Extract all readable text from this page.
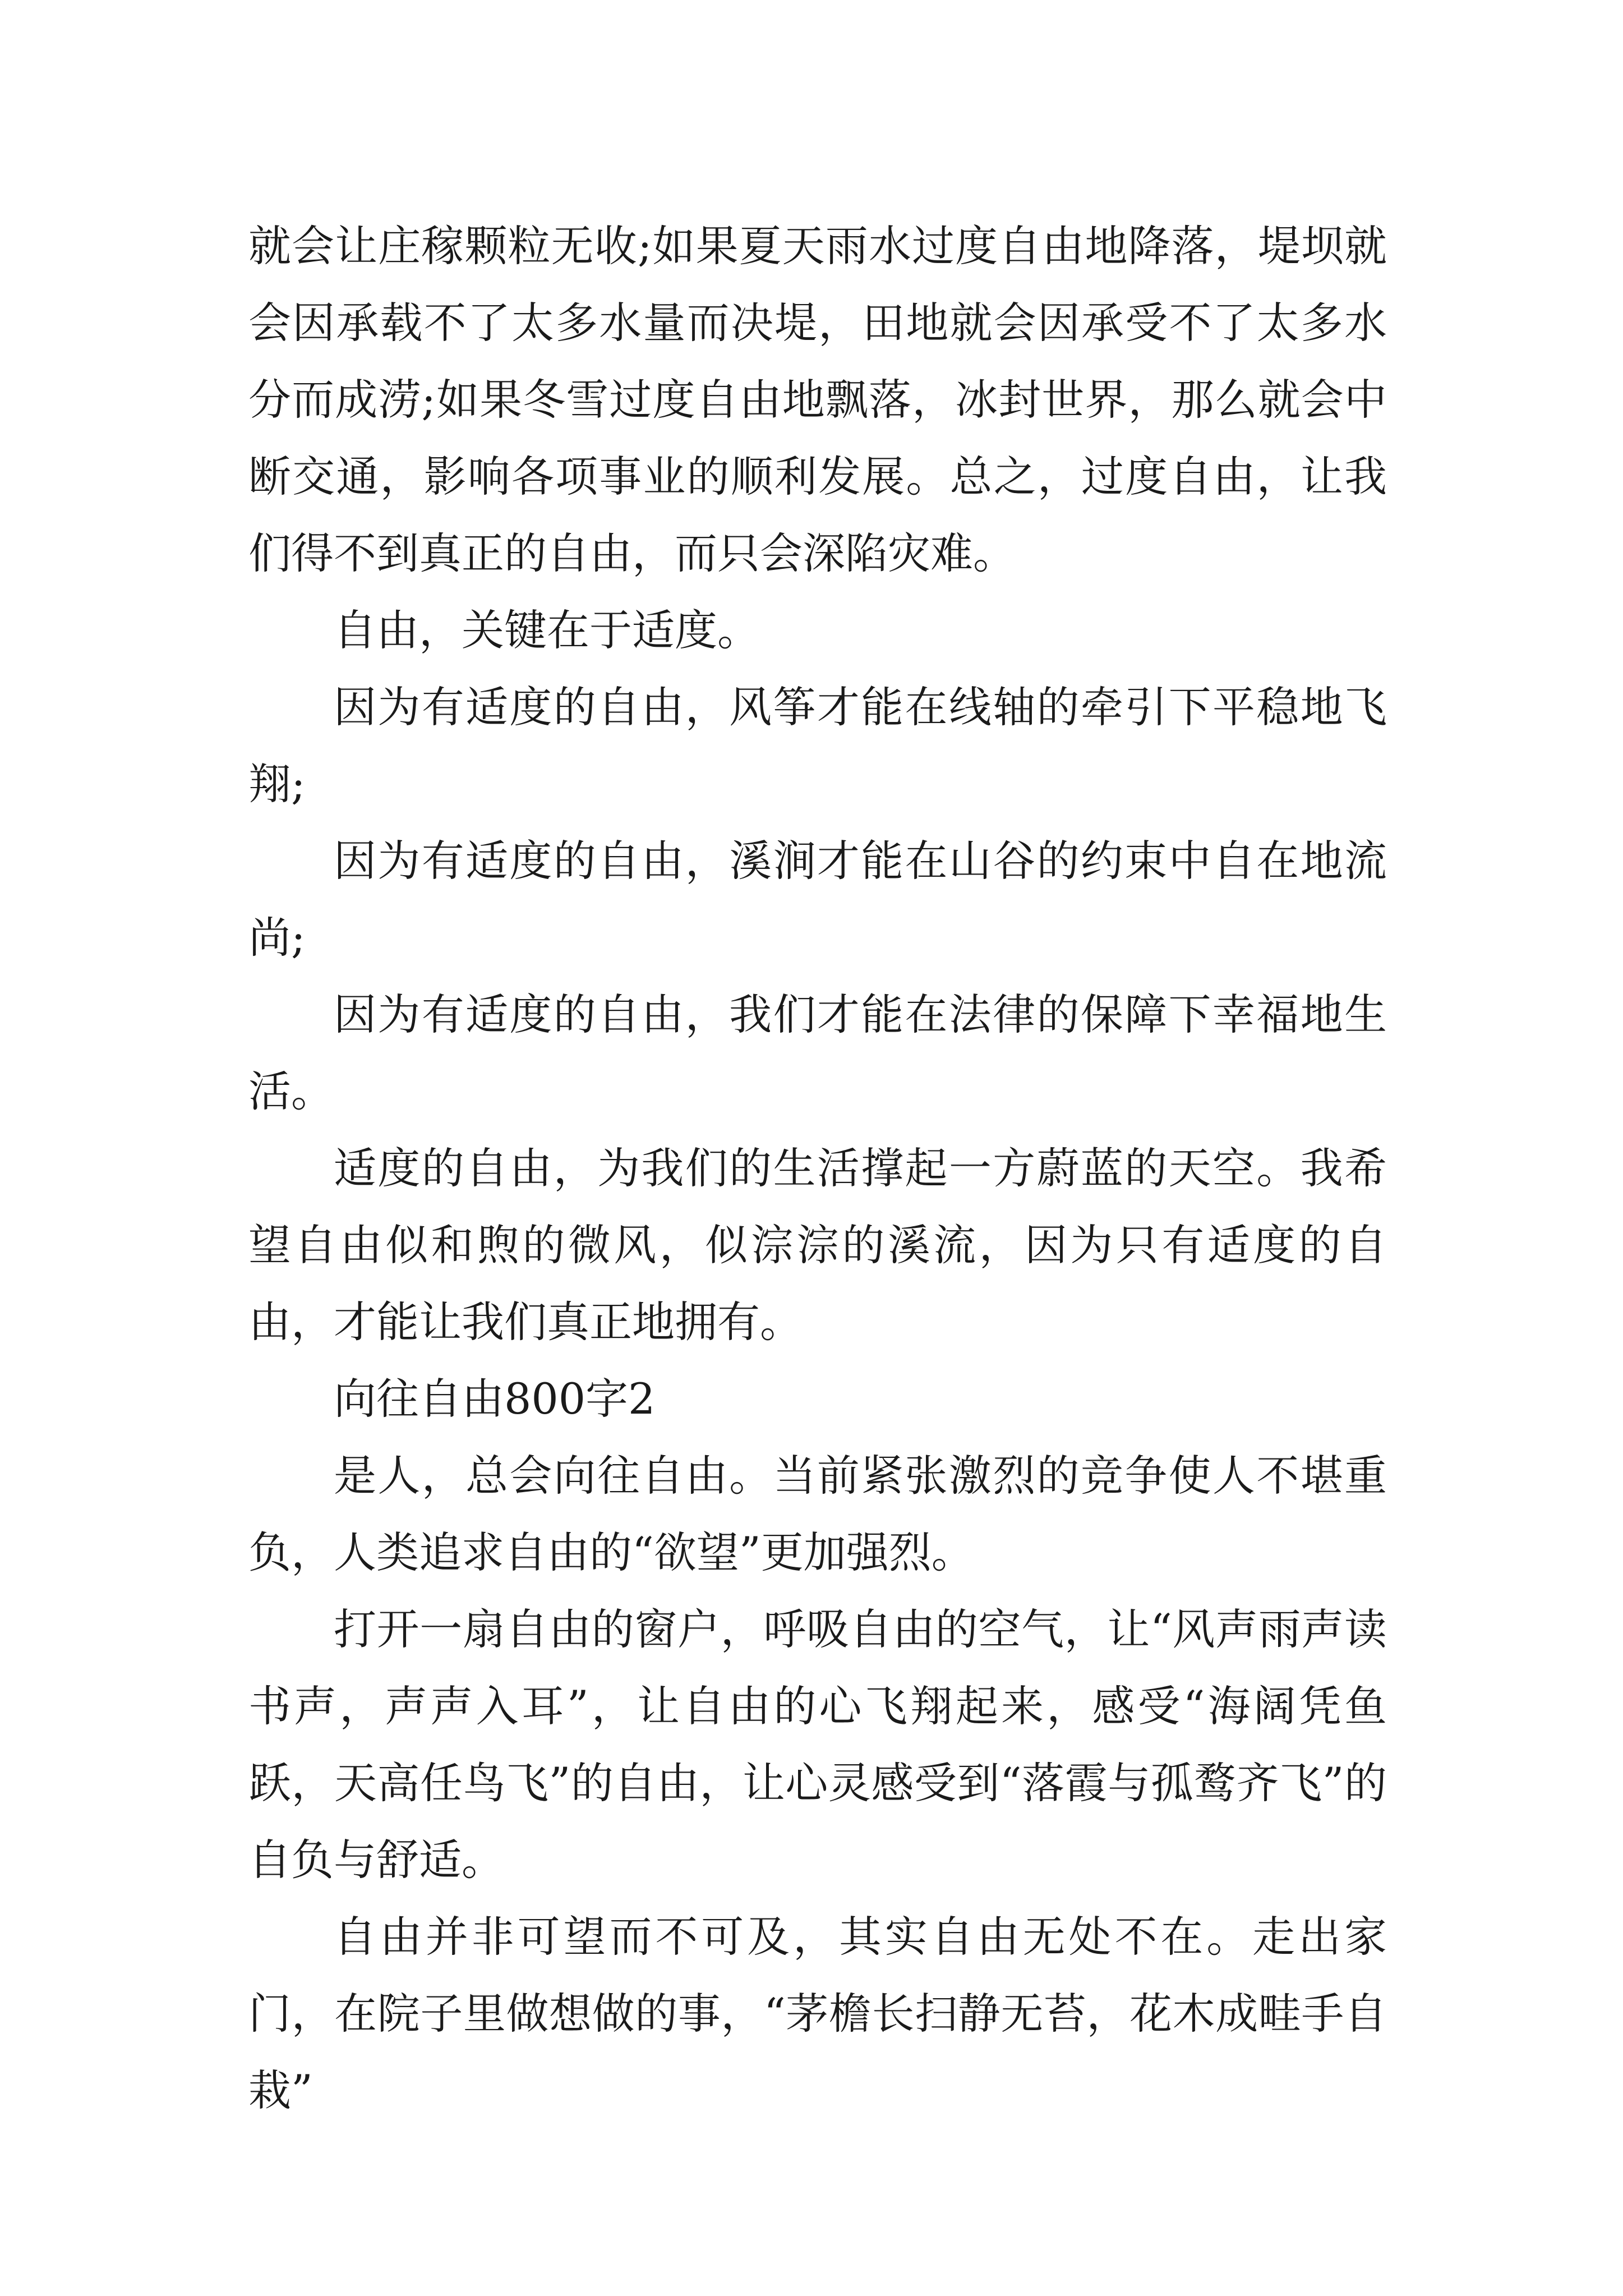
就会让庄稼颗粒无收;如果夏天雨水过度自由地降落，堤坝就会因承载不了太多水量而决堤，田地就会因承受不了太多水分而成涝;如果冬雪过度自由地飘落，冰封世界，那么就会中断交通，影响各项事业的顺利发展。总之，过度自由，让我们得不到真正的自由，而只会深陷灾难。

自由，关键在于适度。

因为有适度的自由，风筝才能在线轴的牵引下平稳地飞翔;

因为有适度的自由，溪涧才能在山谷的约束中自在地流尚;

因为有适度的自由，我们才能在法律的保障下幸福地生活。

适度的自由，为我们的生活撑起一方蔚蓝的天空。我希望自由似和煦的微风，似淙淙的溪流，因为只有适度的自由，才能让我们真正地拥有。

向往自由800字2

是人，总会向往自由。当前紧张激烈的竞争使人不堪重负，人类追求自由的“欲望”更加强烈。

打开一扇自由的窗户，呼吸自由的空气，让“风声雨声读书声，声声入耳”，让自由的心飞翔起来，感受“海阔凭鱼跃，天高任鸟飞”的自由，让心灵感受到“落霞与孤鹜齐飞”的自负与舒适。

自由并非可望而不可及，其实自由无处不在。走出家门，在院子里做想做的事，“茅檐长扫静无苔，花木成畦手自栽”
